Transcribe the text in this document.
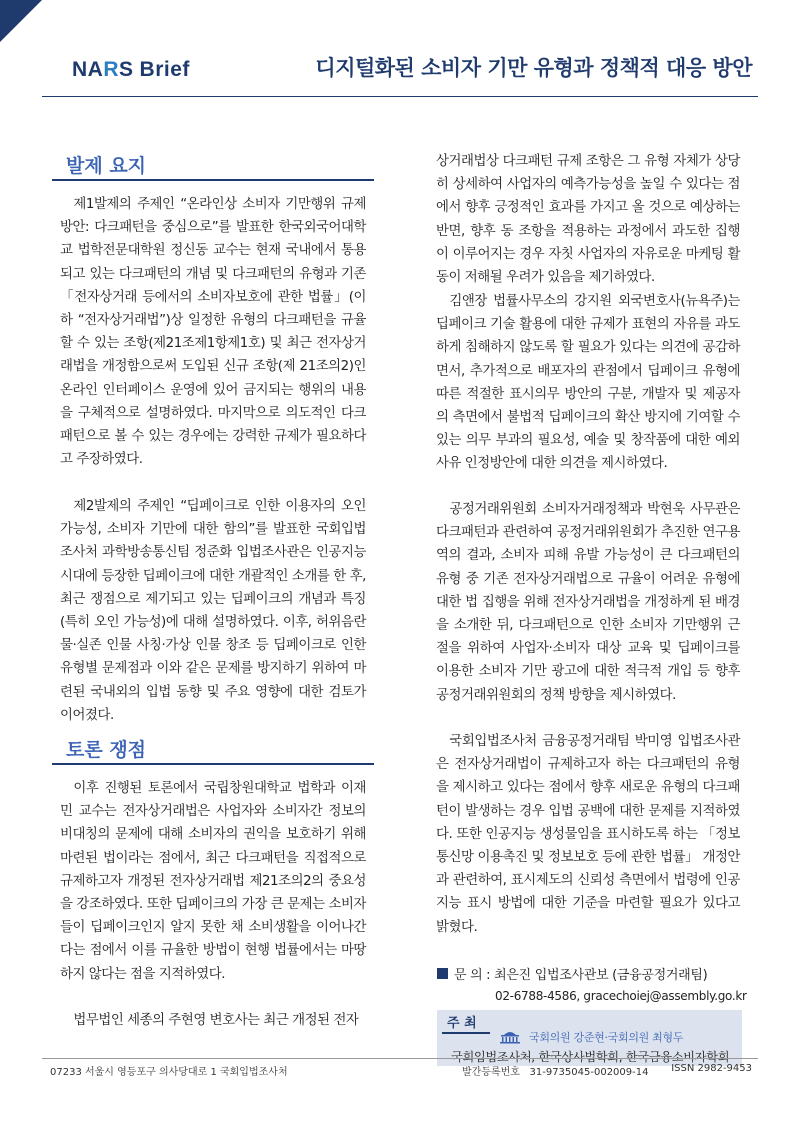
NARS Brief	디지털화된 소비자 기만 유형과 정책적 대응 방안
발제 요지
제1발제의 주제인 “온라인상 소비자 기만행위 규제 방안: 다크패턴을 중심으로”를 발표한 한국외국어대학교 법학전문대학원 정신동 교수는 현재 국내에서 통용되고 있는 다크패턴의 개념 및 다크패턴의 유형과 기존 「전자상거래 등에서의 소비자보호에 관한 법률」(이하 “전자상거래법”)상 일정한 유형의 다크패턴을 규율할 수 있는 조항(제21조제1항제1호) 및 최근 전자상거래법을 개정함으로써 도입된 신규 조항(제 21조의2)인 온라인 인터페이스 운영에 있어 금지되는 행위의 내용을 구체적으로 설명하였다. 마지막으로 의도적인 다크패턴으로 볼 수 있는 경우에는 강력한 규제가 필요하다고 주장하였다.
제2발제의 주제인 “딥페이크로 인한 이용자의 오인 가능성, 소비자 기만에 대한 함의”를 발표한 국회입법조사처 과학방송통신팀 정준화 입법조사관은 인공지능 시대에 등장한 딥페이크에 대한 개괄적인 소개를 한 후, 최근 쟁점으로 제기되고 있는 딥페이크의 개념과 특징(특히 오인 가능성)에 대해 설명하였다. 이후, 허위음란물·실존 인물 사칭·가상 인물 창조 등 딥페이크로 인한 유형별 문제점과 이와 같은 문제를 방지하기 위하여 마련된 국내외의 입법 동향 및 주요 영향에 대한 검토가 이어졌다.
토론 쟁점
이후 진행된 토론에서 국립창원대학교 법학과 이재민 교수는 전자상거래법은 사업자와 소비자간 정보의 비대칭의 문제에 대해 소비자의 권익을 보호하기 위해 마련된 법이라는 점에서, 최근 다크패턴을 직접적으로 규제하고자 개정된 전자상거래법 제21조의2의 중요성을 강조하였다. 또한 딥페이크의 가장 큰 문제는 소비자들이 딥페이크인지 알지 못한 채 소비생활을 이어나간다는 점에서 이를 규율한 방법이 현행 법률에서는 마땅하지 않다는 점을 지적하였다.
법무법인 세종의 주현영 변호사는 최근 개정된 전자
상거래법상 다크패턴 규제 조항은 그 유형 자체가 상당히 상세하여 사업자의 예측가능성을 높일 수 있다는 점에서 향후 긍정적인 효과를 가지고 올 것으로 예상하는 반면, 향후 동 조항을 적용하는 과정에서 과도한 집행이 이루어지는 경우 자칫 사업자의 자유로운 마케팅 활동이 저해될 우려가 있음을 제기하였다.
김앤장 법률사무소의 강지원 외국변호사(뉴욕주)는 딥페이크 기술 활용에 대한 규제가 표현의 자유를 과도하게 침해하지 않도록 할 필요가 있다는 의견에 공감하면서, 추가적으로 배포자의 관점에서 딥페이크 유형에 따른 적절한 표시의무 방안의 구분, 개발자 및 제공자의 측면에서 불법적 딥페이크의 확산 방지에 기여할 수 있는 의무 부과의 필요성, 예술 및 창작품에 대한 예외사유 인정방안에 대한 의견을 제시하였다.
공정거래위원회 소비자거래정책과 박현욱 사무관은 다크패턴과 관련하여 공정거래위원회가 추진한 연구용역의 결과, 소비자 피해 유발 가능성이 큰 다크패턴의 유형 중 기존 전자상거래법으로 규율이 어려운 유형에 대한 법 집행을 위해 전자상거래법을 개정하게 된 배경을 소개한 뒤, 다크패턴으로 인한 소비자 기만행위 근절을 위하여 사업자·소비자 대상 교육 및 딥페이크를 이용한 소비자 기만 광고에 대한 적극적 개입 등 향후 공정거래위원회의 정책 방향을 제시하였다.
국회입법조사처 금융공정거래팀 박미영 입법조사관은 전자상거래법이 규제하고자 하는 다크패턴의 유형을 제시하고 있다는 점에서 향후 새로운 유형의 다크패턴이 발생하는 경우 입법 공백에 대한 문제를 지적하였다. 또한 인공지능 생성물임을 표시하도록 하는 「정보통신망 이용촉진 및 정보보호 등에 관한 법률」 개정안과 관련하여, 표시제도의 신뢰성 측면에서 법령에 인공지능 표시 방법에 대한 기준을 마련할 필요가 있다고 밝혔다.
문 의 : 최은진 입법조사관보 (금융공정거래팀)
02-6788-4586, gracechoiej@assembly.go.kr
주 최
국회의원 강준현·국회의원 최형두
국회입법조사처, 한국상사법학회, 한국금융소비자학회
07233 서울시 영등포구 의사당대로 1 국회입법조사처	발간등록번호   31-9735045-002009-14 ISSN 2982-9453
